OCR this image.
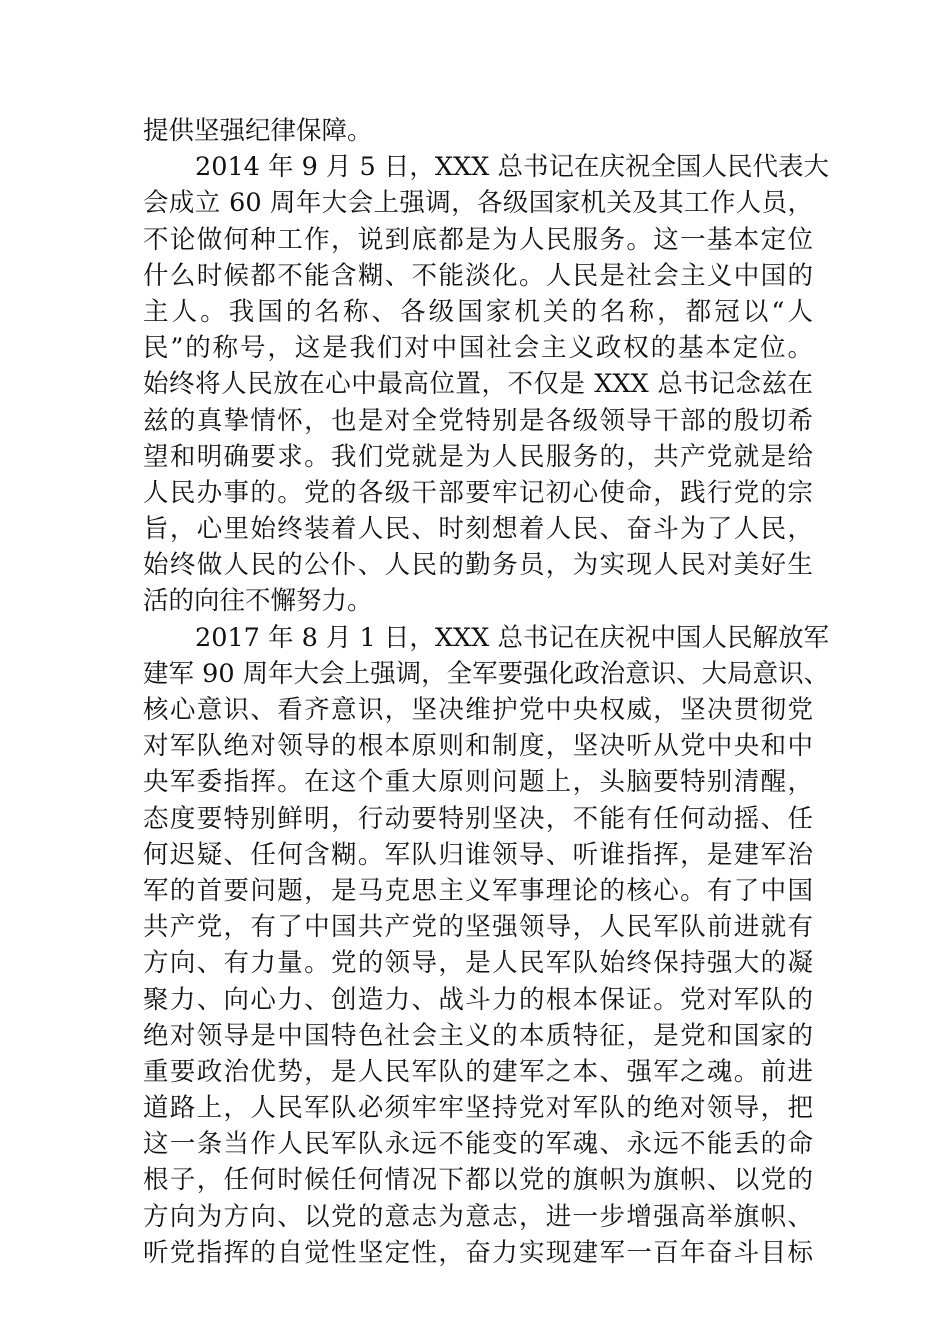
提供坚强纪律保障。
2014 年 9 月 5 日，XXX 总书记在庆祝全国人民代表大
会成立 60 周年大会上强调，各级国家机关及其工作人员，
不论做何种工作，说到底都是为人民服务。这一基本定位
什么时候都不能含糊、不能淡化。人民是社会主义中国的
主人。我国的名称、各级国家机关的名称，都冠以“人
民”的称号，这是我们对中国社会主义政权的基本定位。
始终将人民放在心中最高位置，不仅是 XXX 总书记念兹在
兹的真挚情怀，也是对全党特别是各级领导干部的殷切希
望和明确要求。我们党就是为人民服务的，共产党就是给
人民办事的。党的各级干部要牢记初心使命，践行党的宗
旨，心里始终装着人民、时刻想着人民、奋斗为了人民，
始终做人民的公仆、人民的勤务员，为实现人民对美好生
活的向往不懈努力。
2017 年 8 月 1 日，XXX 总书记在庆祝中国人民解放军
建军 90 周年大会上强调，全军要强化政治意识、大局意识、
核心意识、看齐意识，坚决维护党中央权威，坚决贯彻党
对军队绝对领导的根本原则和制度，坚决听从党中央和中
央军委指挥。在这个重大原则问题上，头脑要特别清醒，
态度要特别鲜明，行动要特别坚决，不能有任何动摇、任
何迟疑、任何含糊。军队归谁领导、听谁指挥，是建军治
军的首要问题，是马克思主义军事理论的核心。有了中国
共产党，有了中国共产党的坚强领导，人民军队前进就有
方向、有力量。党的领导，是人民军队始终保持强大的凝
聚力、向心力、创造力、战斗力的根本保证。党对军队的
绝对领导是中国特色社会主义的本质特征，是党和国家的
重要政治优势，是人民军队的建军之本、强军之魂。前进
道路上，人民军队必须牢牢坚持党对军队的绝对领导，把
这一条当作人民军队永远不能变的军魂、永远不能丢的命
根子，任何时候任何情况下都以党的旗帜为旗帜、以党的
方向为方向、以党的意志为意志，进一步增强高举旗帜、
听党指挥的自觉性坚定性，奋力实现建军一百年奋斗目标
